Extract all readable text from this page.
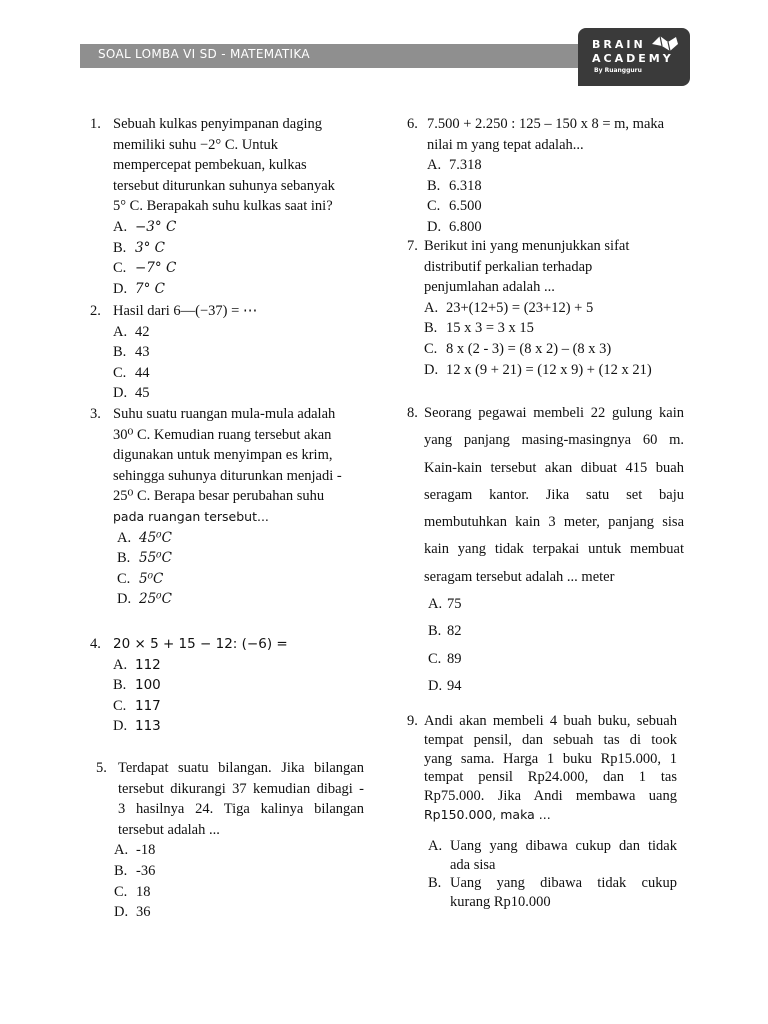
SOAL LOMBA VI SD - MATEMATIKA
BRAIN
ACADEMY
By Ruangguru
1. Sebuah kulkas penyimpanan daging
memiliki suhu −2° C. Untuk
mempercepat pembekuan, kulkas
tersebut diturunkan suhunya sebanyak
5° C. Berapakah suhu kulkas saat ini?
A. −3° C
B. 3° C
C. −7° C
D. 7° C
2. Hasil dari 6—(−37) = ⋯
A. 42
B. 43
C. 44
D. 45
3. Suhu suatu ruangan mula-mula adalah
30⁰ C. Kemudian ruang tersebut akan
digunakan untuk menyimpan es krim,
sehingga suhunya diturunkan menjadi -
25⁰ C. Berapa besar perubahan suhu
pada ruangan tersebut...
A. 45⁰C
B. 55⁰C
C. 5⁰C
D. 25⁰C
4. 20 × 5 + 15 − 12: (−6) =
A. 112
B. 100
C. 117
D. 113
5. Terdapat suatu bilangan. Jika bilangan
tersebut dikurangi 37 kemudian dibagi -
3 hasilnya 24. Tiga kalinya bilangan
tersebut adalah ...
A. -18
B. -36
C. 18
D. 36
6. 7.500 + 2.250 : 125 – 150 x 8 = m, maka
nilai m yang tepat adalah...
A. 7.318
B. 6.318
C. 6.500
D. 6.800
7. Berikut ini yang menunjukkan sifat
distributif perkalian terhadap
penjumlahan adalah ...
A. 23+(12+5) = (23+12) + 5
B. 15 x 3 = 3 x 15
C. 8 x (2 - 3) = (8 x 2) – (8 x 3)
D. 12 x (9 + 21) = (12 x 9) + (12 x 21)
8. Seorang pegawai membeli 22 gulung kain
yang panjang masing-masingnya 60 m.
Kain-kain tersebut akan dibuat 415 buah
seragam kantor. Jika satu set baju
membutuhkan kain 3 meter, panjang sisa
kain yang tidak terpakai untuk membuat
seragam tersebut adalah ... meter
A. 75
B. 82
C. 89
D. 94
9. Andi akan membeli 4 buah buku, sebuah
tempat pensil, dan sebuah tas di took
yang sama. Harga 1 buku Rp15.000, 1
tempat pensil Rp24.000, dan 1 tas
Rp75.000. Jika Andi membawa uang
Rp150.000, maka ...
A. Uang yang dibawa cukup dan tidak
ada sisa
B. Uang yang dibawa tidak cukup
kurang Rp10.000
